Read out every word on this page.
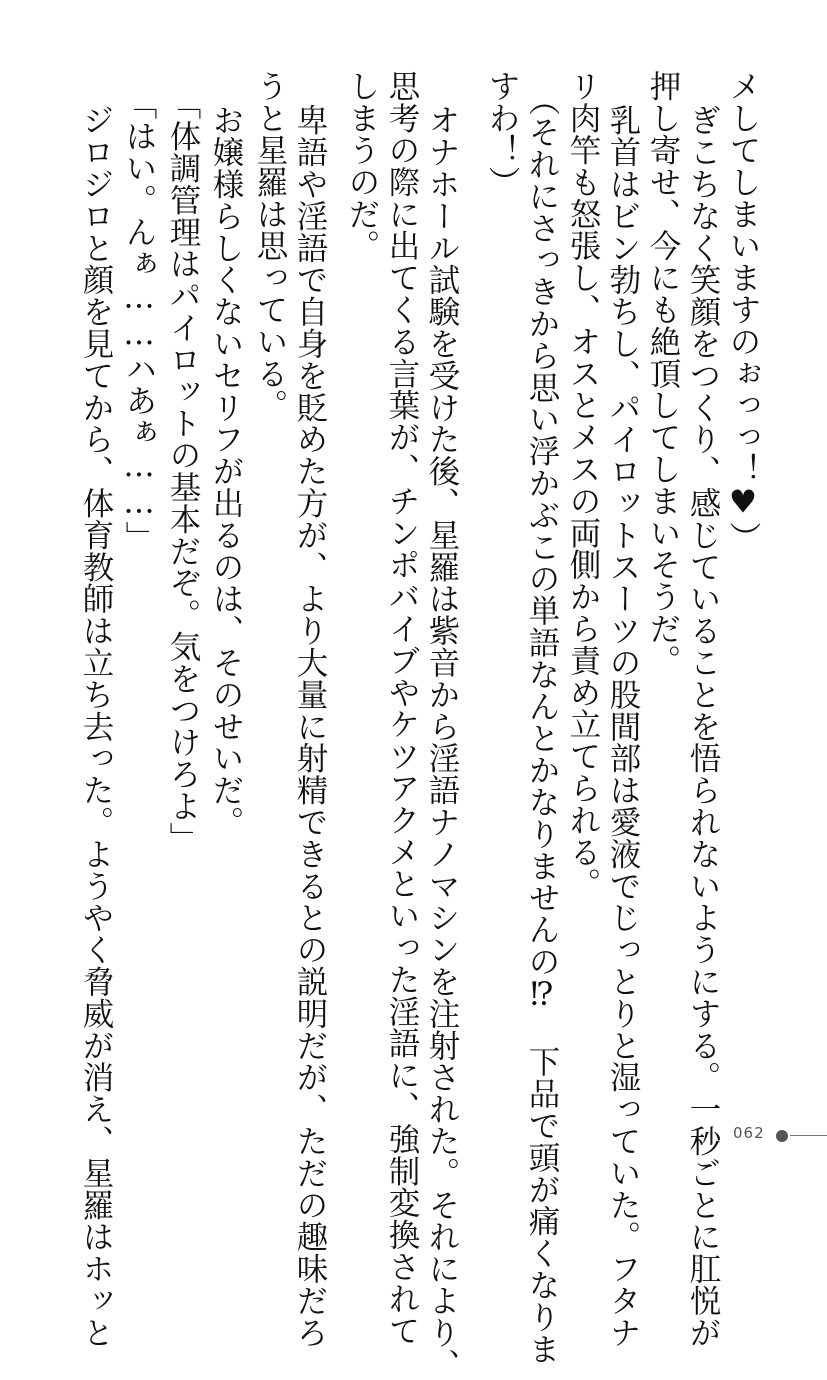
メしてしまいますのぉっっ！♥）
ぎこちなく笑顔をつくり、感じていることを悟られないようにする。一秒ごとに肛悦が
押し寄せ、今にも絶頂してしまいそうだ。
乳首はビン勃ちし、パイロットスーツの股間部は愛液でじっとりと湿っていた。フタナ
リ肉竿も怒張し、オスとメスの両側から責め立てられる。
（それにさっきから思い浮かぶこの単語なんとかなりませんの⁉　下品で頭が痛くなりま
すわ！）
オナホール試験を受けた後、星羅は紫音から淫語ナノマシンを注射された。それにより、
思考の際に出てくる言葉が、チンポバイブやケツアクメといった淫語に、強制変換されて
しまうのだ。
卑語や淫語で自身を貶めた方が、より大量に射精できるとの説明だが、ただの趣味だろ
うと星羅は思っている。
お嬢様らしくないセリフが出るのは、そのせいだ。
「体調管理はパイロットの基本だぞ。気をつけろよ」
「はい。んぁ……ハあぁ……」
ジロジロと顔を見てから、体育教師は立ち去った。ようやく脅威が消え、星羅はホッと	062
